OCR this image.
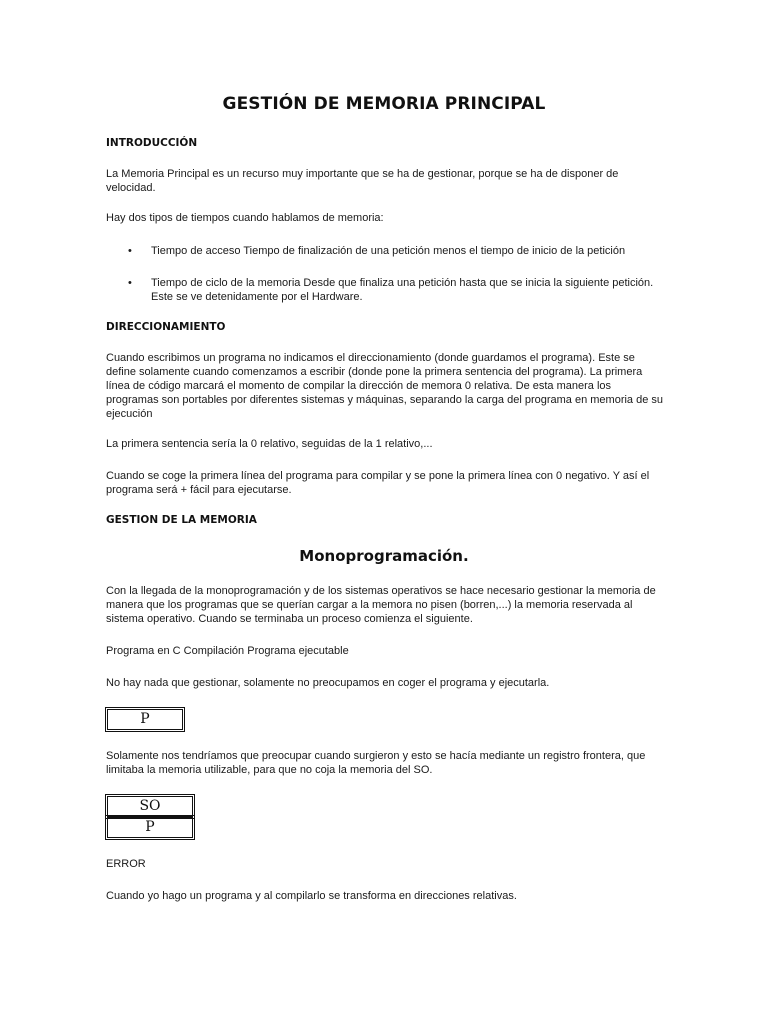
GESTIÓN DE MEMORIA PRINCIPAL
INTRODUCCIÓN
La Memoria Principal es un recurso muy importante que se ha de gestionar, porque se ha de disponer de velocidad.
Hay dos tipos de tiempos cuando hablamos de memoria:
• Tiempo de acceso Tiempo de finalización de una petición menos el tiempo de inicio de la petición
• Tiempo de ciclo de la memoria Desde que finaliza una petición hasta que se inicia la siguiente petición. Este se ve detenidamente por el Hardware.
DIRECCIONAMIENTO
Cuando escribimos un programa no indicamos el direccionamiento (donde guardamos el programa). Este se define solamente cuando comenzamos a escribir (donde pone la primera sentencia del programa). La primera línea de código marcará el momento de compilar la dirección de memora 0 relativa. De esta manera los programas son portables por diferentes sistemas y máquinas, separando la carga del programa en memoria de su ejecución
La primera sentencia sería la 0 relativo, seguidas de la 1 relativo,...
Cuando se coge la primera línea del programa para compilar y se pone la primera línea con 0 negativo. Y así el programa será + fácil para ejecutarse.
GESTION DE LA MEMORIA
Monoprogramación.
Con la llegada de la monoprogramación y de los sistemas operativos se hace necesario gestionar la memoria de manera que los programas que se querían cargar a la memora no pisen (borren,...) la memoria reservada al sistema operativo. Cuando se terminaba un proceso comienza el siguiente.
Programa en C Compilación Programa ejecutable
No hay nada que gestionar, solamente no preocupamos en coger el programa y ejecutarla.
P
Solamente nos tendríamos que preocupar cuando surgieron y esto se hacía mediante un registro frontera, que limitaba la memoria utilizable, para que no coja la memoria del SO.
SO
P
ERROR
Cuando yo hago un programa y al compilarlo se transforma en direcciones relativas.
